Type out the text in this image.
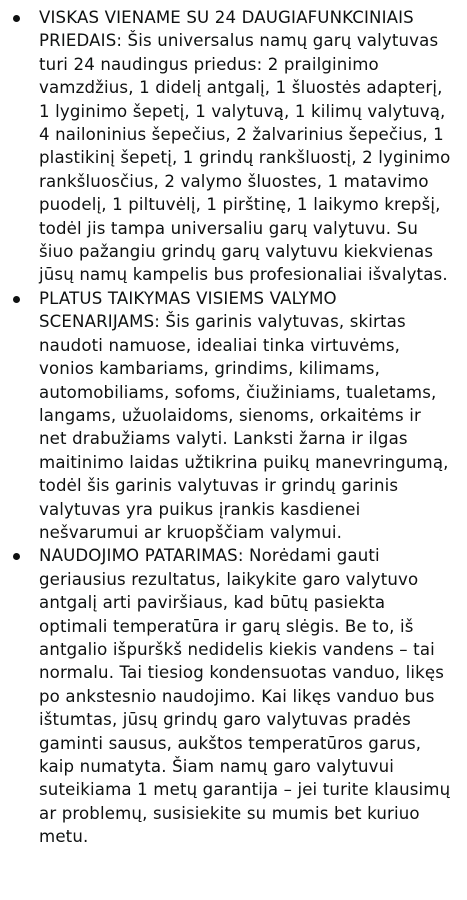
VISKAS VIENAME SU 24 DAUGIAFUNKCINIAIS PRIEDAIS: Šis universalus namų garų valytuvas turi 24 naudingus priedus: 2 prailginimo vamzdžius, 1 didelį antgalį, 1 šluostės adapterį, 1 lyginimo šepetį, 1 valytuvą, 1 kilimų valytuvą, 4 nailoninius šepečius, 2 žalvarinius šepečius, 1 plastikinį šepetį, 1 grindų rankšluostį, 2 lyginimo rankšluosčius, 2 valymo šluostes, 1 matavimo puodelį, 1 piltuvėlį, 1 pirštinę, 1 laikymo krepšį, todėl jis tampa universaliu garų valytuvu. Su šiuo pažangiu grindų garų valytuvu kiekvienas jūsų namų kampelis bus profesionaliai išvalytas.
PLATUS TAIKYMAS VISIEMS VALYMO SCENARIJAMS: Šis garinis valytuvas, skirtas naudoti namuose, idealiai tinka virtuvėms, vonios kambariams, grindims, kilimams, automobiliams, sofoms, čiužiniams, tualetams, langams, užuolaidoms, sienoms, orkaitėms ir net drabužiams valyti. Lanksti žarna ir ilgas maitinimo laidas užtikrina puikų manevringumą, todėl šis garinis valytuvas ir grindų garinis valytuvas yra puikus įrankis kasdienei nešvarumui ar kruopščiam valymui.
NAUDOJIMO PATARIMAS: Norėdami gauti geriausius rezultatus, laikykite garo valytuvo antgalį arti paviršiaus, kad būtų pasiekta optimali temperatūra ir garų slėgis. Be to, iš antgalio išpurškš nedidelis kiekis vandens – tai normalu. Tai tiesiog kondensuotas vanduo, likęs po ankstesnio naudojimo. Kai likęs vanduo bus ištumtas, jūsų grindų garo valytuvas pradės gaminti sausus, aukštos temperatūros garus, kaip numatyta. Šiam namų garo valytuvui suteikiama 1 metų garantija – jei turite klausimų ar problemų, susisiekite su mumis bet kuriuo metu.
